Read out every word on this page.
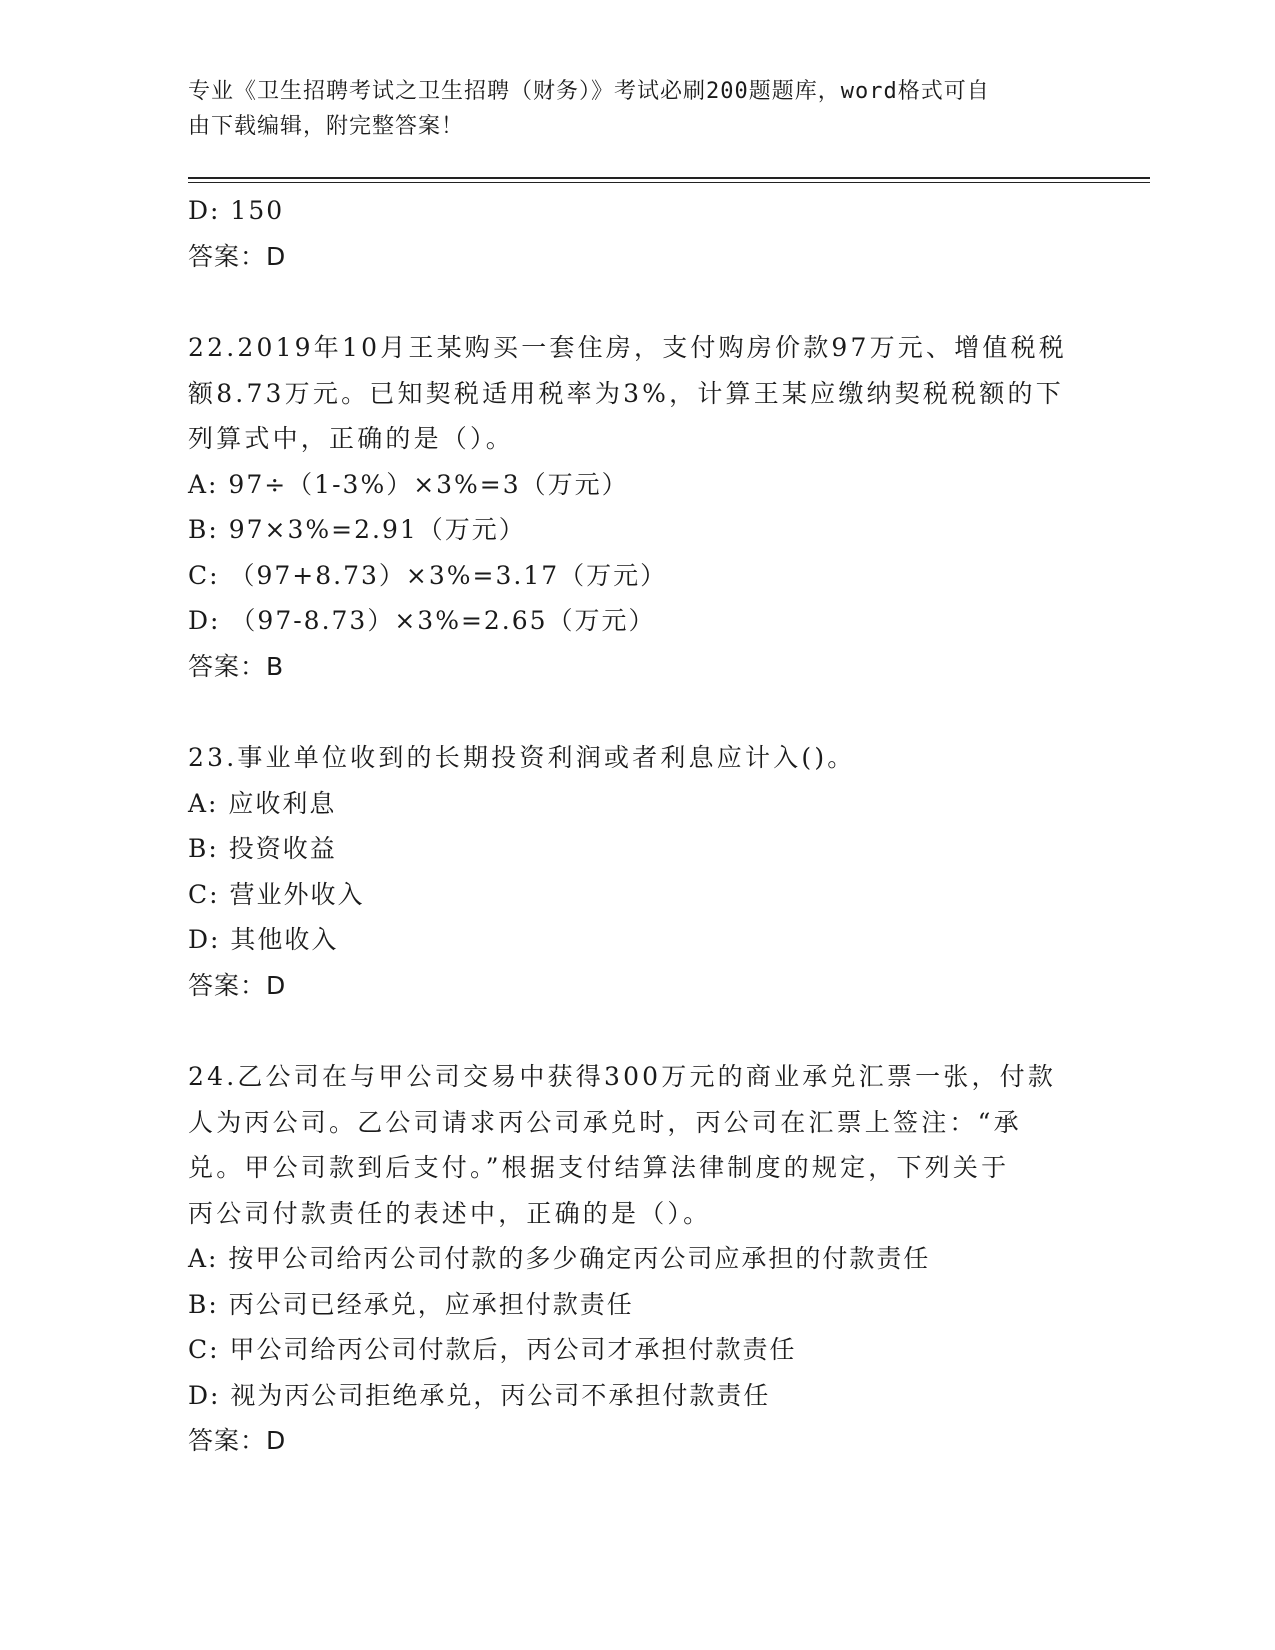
专业《卫生招聘考试之卫生招聘（财务）》考试必刷200题题库，word格式可自
由下载编辑，附完整答案！
D: 150
答案：D
22.2019年10月王某购买一套住房，支付购房价款97万元、增值税税
额8.73万元。已知契税适用税率为3%，计算王某应缴纳契税税额的下
列算式中，正确的是（）。
A: 97÷（1-3%）×3%=3（万元）
B: 97×3%=2.91（万元）
C: （97+8.73）×3%=3.17（万元）
D: （97-8.73）×3%=2.65（万元）
答案：B
23.事业单位收到的长期投资利润或者利息应计入()。
A: 应收利息
B: 投资收益
C: 营业外收入
D: 其他收入
答案：D
24.乙公司在与甲公司交易中获得300万元的商业承兑汇票一张，付款
人为丙公司。乙公司请求丙公司承兑时，丙公司在汇票上签注：“承
兑。甲公司款到后支付。”根据支付结算法律制度的规定，下列关于
丙公司付款责任的表述中，正确的是（）。
A: 按甲公司给丙公司付款的多少确定丙公司应承担的付款责任
B: 丙公司已经承兑，应承担付款责任
C: 甲公司给丙公司付款后，丙公司才承担付款责任
D: 视为丙公司拒绝承兑，丙公司不承担付款责任
答案：D
